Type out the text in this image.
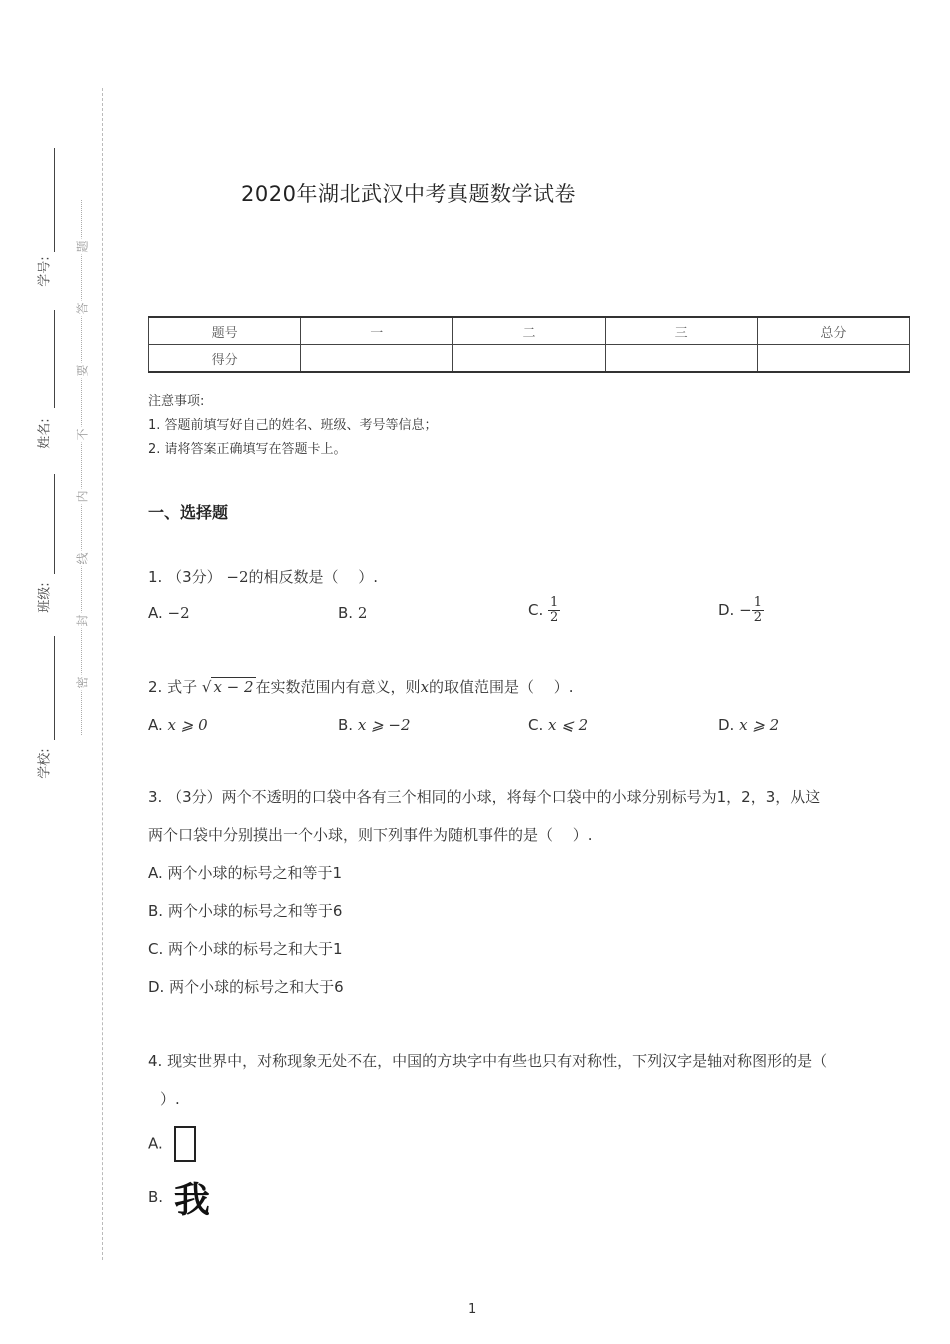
学号:
姓名:
班级:
学校:
题
答
要
不
内
线
封
密
2020年湖北武汉中考真题数学试卷
题号	一	二	三	总分
得分				
注意事项:
1. 答题前填写好自己的姓名、班级、考号等信息；
2. 请将答案正确填写在答题卡上。
一、选择题
1. （3分） −2的相反数是（　 ）.
A. −2	B. 2	C. $\frac{1}{2}$	D. − $\frac{1}{2}$
2. 式子 √ x − 2 在实数范围内有意义，则x的取值范围是（　 ）.
A. x ⩾ 0	B. x ⩾ −2	C. x ⩽ 2	D. x ⩾ 2
3. （3分）两个不透明的口袋中各有三个相同的小球，将每个口袋中的小球分别标号为1，2，3，从这
两个口袋中分别摸出一个小球，则下列事件为随机事件的是（　 ）.
A. 两个小球的标号之和等于1
B. 两个小球的标号之和等于6
C. 两个小球的标号之和大于1
D. 两个小球的标号之和大于6
4. 现实世界中，对称现象无处不在，中国的方块字中有些也只有对称性，下列汉字是轴对称图形的是（
）.
A.
B. 我
1
